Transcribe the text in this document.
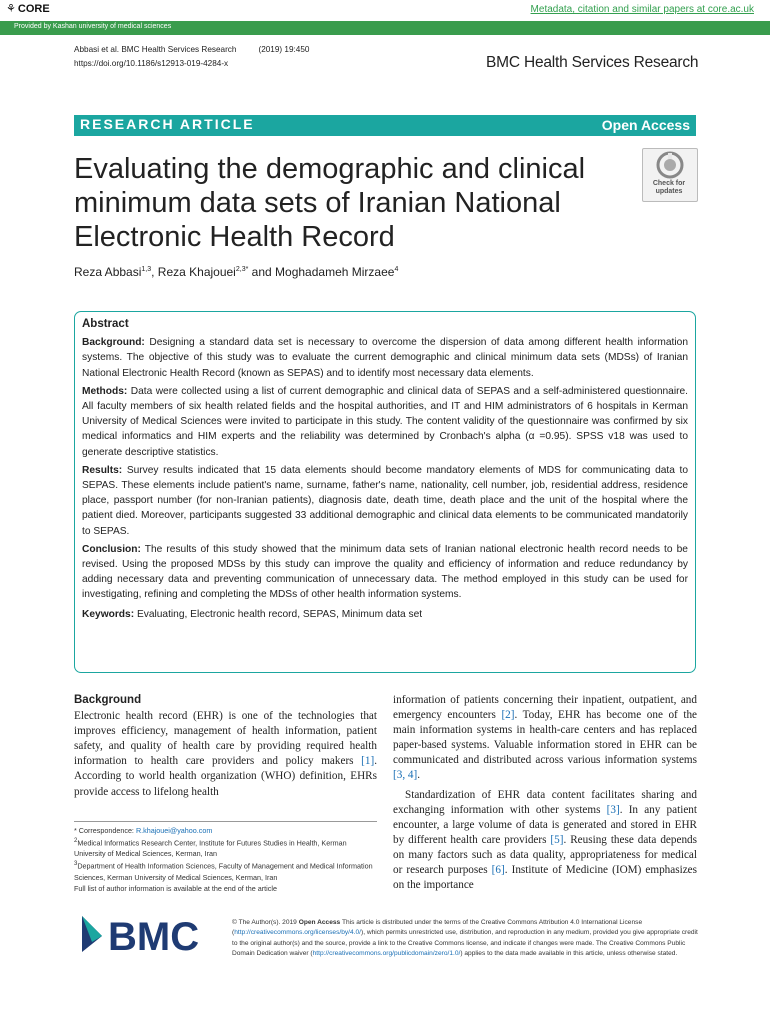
⚘ CORE	Metadata, citation and similar papers at core.ac.uk
Provided by Kashan university of medical sciences
Abbasi et al. BMC Health Services Research	(2019) 19:450
https://doi.org/10.1186/s12913-019-4284-x	BMC Health Services Research
RESEARCH ARTICLE	Open Access
Evaluating the demographic and clinical minimum data sets of Iranian National Electronic Health Record
Check for updates
Reza Abbasi$^{1,3}$, Reza Khajouei$^{2,3*}$ and Moghadameh Mirzaee$^4$
Abstract

Background: Designing a standard data set is necessary to overcome the dispersion of data among different health information systems. The objective of this study was to evaluate the current demographic and clinical minimum data sets (MDSs) of Iranian National Electronic Health Record (known as SEPAS) and to identify most necessary data elements.

Methods: Data were collected using a list of current demographic and clinical data of SEPAS and a self-administered questionnaire. All faculty members of six health related fields and the hospital authorities, and IT and HIM administrators of 6 hospitals in Kerman University of Medical Sciences were invited to participate in this study. The content validity of the questionnaire was confirmed by six medical informatics and HIM experts and the reliability was determined by Cronbach's alpha (α =0.95). SPSS v18 was used to generate descriptive statistics.

Results: Survey results indicated that 15 data elements should become mandatory elements of MDS for communicating data to SEPAS. These elements include patient's name, surname, father's name, nationality, cell number, job, residential address, residence place, passport number (for non-Iranian patients), diagnosis date, death time, death place and the unit of the hospital where the patient died. Moreover, participants suggested 33 additional demographic and clinical data elements to be communicated mandatorily to SEPAS.

Conclusion: The results of this study showed that the minimum data sets of Iranian national electronic health record needs to be revised. Using the proposed MDSs by this study can improve the quality and efficiency of information and reduce redundancy by adding necessary data and preventing communication of unnecessary data. The method employed in this study can be used for investigating, refining and completing the MDSs of other health information systems.

Keywords: Evaluating, Electronic health record, SEPAS, Minimum data set

Background
Electronic health record (EHR) is one of the technologies that improves efficiency, management of health information, patient safety, and quality of health care by providing required health information to health care providers and policy makers [1]. According to world health organization (WHO) definition, EHRs provide access to lifelong health

information of patients concerning their inpatient, outpatient, and emergency encounters [2]. Today, EHR has become one of the main information systems in health-care centers and has replaced paper-based systems. Valuable information stored in EHR can be communicated and distributed across various information systems [3, 4].

Standardization of EHR data content facilitates sharing and exchanging information with other systems [3]. In any patient encounter, a large volume of data is generated and stored in EHR by different health care providers [5]. Reusing these data depends on many factors such as data quality, appropriateness for medical or research purposes [6]. Institute of Medicine (IOM) emphasizes on the importance

* Correspondence: R.khajouei@yahoo.com
$^2$Medical Informatics Research Center, Institute for Futures Studies in Health, Kerman University of Medical Sciences, Kerman, Iran
$^3$Department of Health Information Sciences, Faculty of Management and Medical Information Sciences, Kerman University of Medical Sciences, Kerman, Iran
Full list of author information is available at the end of the article
BMC	© The Author(s). 2019 Open Access This article is distributed under the terms of the Creative Commons Attribution 4.0 International License (http://creativecommons.org/licenses/by/4.0/), which permits unrestricted use, distribution, and reproduction in any medium, provided you give appropriate credit to the original author(s) and the source, provide a link to the Creative Commons license, and indicate if changes were made. The Creative Commons Public Domain Dedication waiver (http://creativecommons.org/publicdomain/zero/1.0/) applies to the data made available in this article, unless otherwise stated.
